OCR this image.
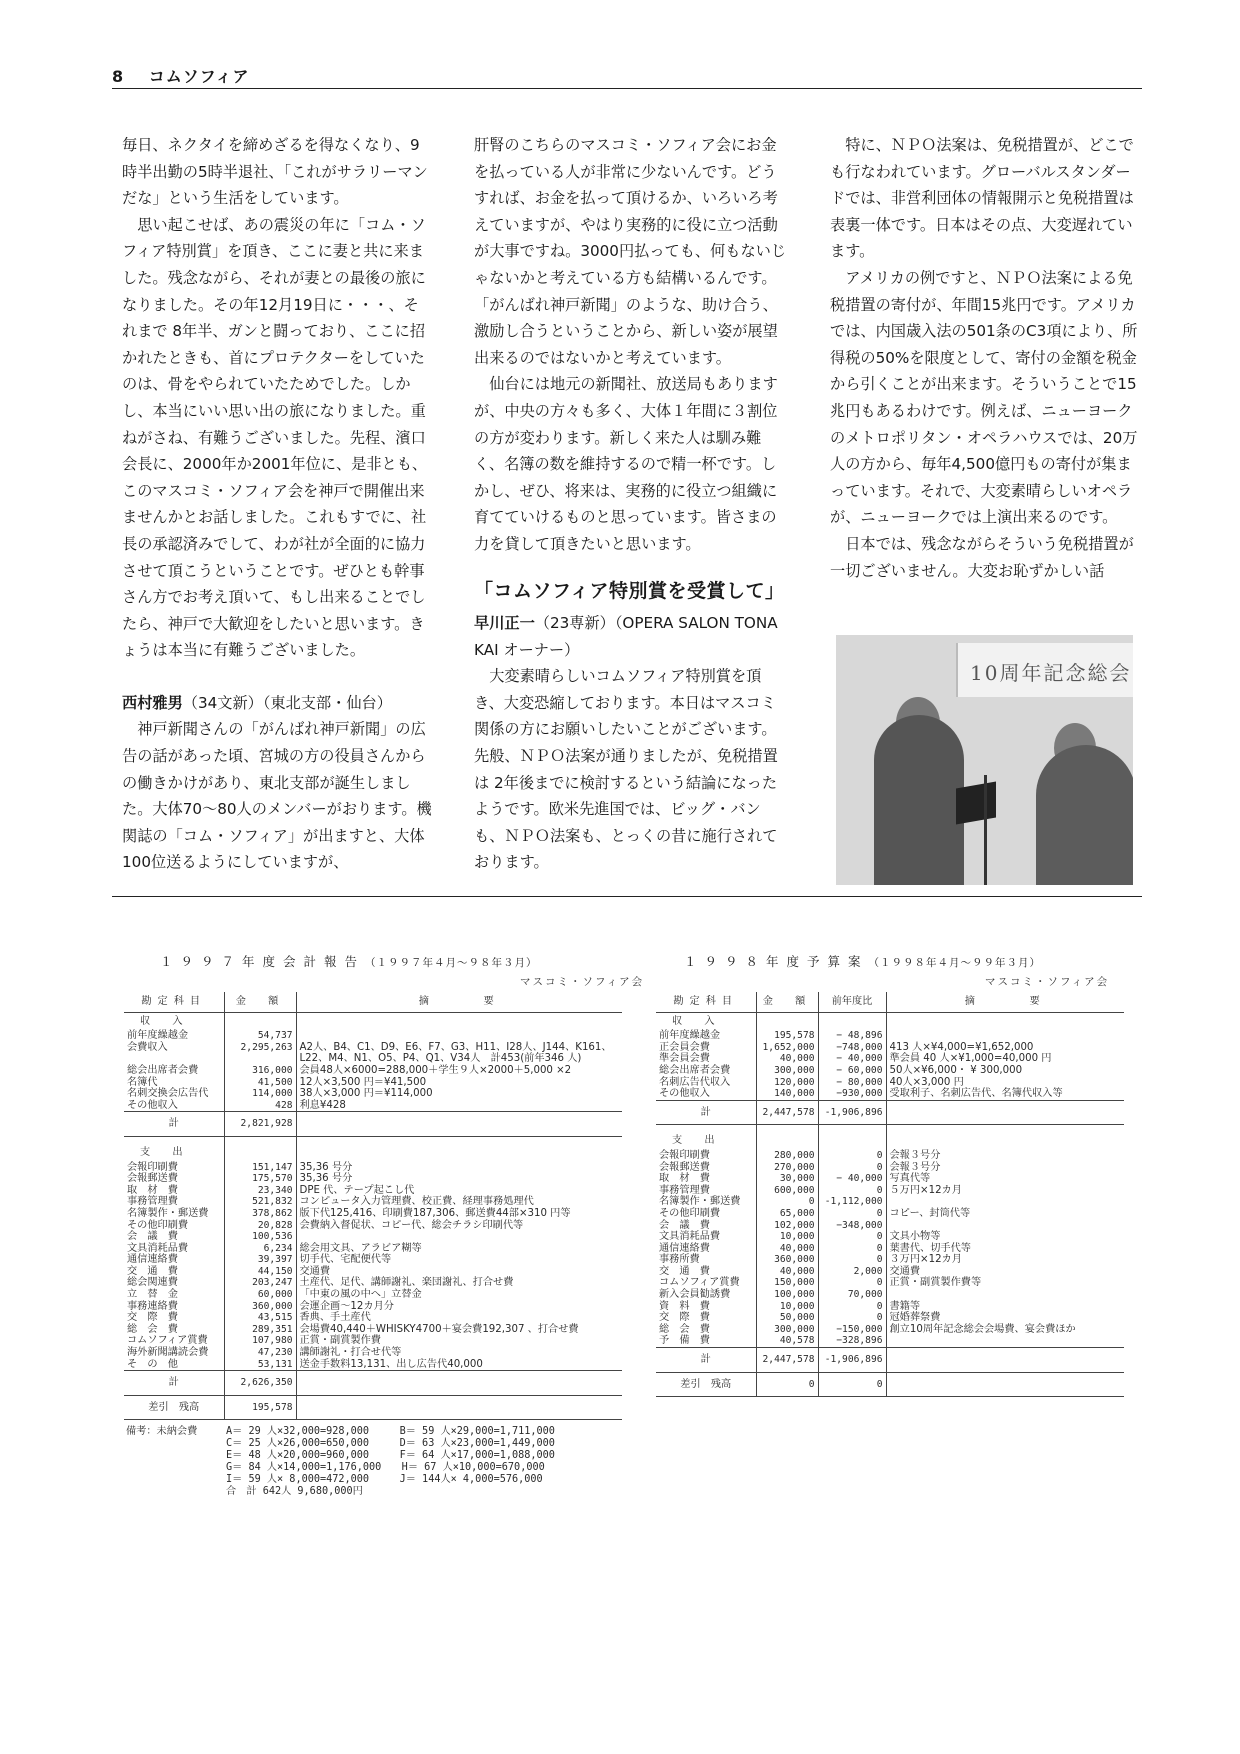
8 コムソフィア

毎日、ネクタイを締めざるを得なくなり、9時半出勤の5時半退社、「これがサラリーマンだな」という生活をしています。

思い起こせば、あの震災の年に「コム・ソフィア特別賞」を頂き、ここに妻と共に来ました。残念ながら、それが妻との最後の旅になりました。その年12月19日に・・・、それまで 8年半、ガンと闘っており、ここに招かれたときも、首にプロテクターをしていたのは、骨をやられていたためでした。しかし、本当にいい思い出の旅になりました。重ねがさね、有難うございました。先程、濱口会長に、2000年か2001年位に、是非とも、このマスコミ・ソフィア会を神戸で開催出来ませんかとお話しました。これもすでに、社長の承認済みでして、わが社が全面的に協力させて頂こうということです。ぜひとも幹事さん方でお考え頂いて、もし出来ることでしたら、神戸で大歓迎をしたいと思います。きょうは本当に有難うございました。

西村雅男（34文新）（東北支部・仙台）

神戸新聞さんの「がんばれ神戸新聞」の広告の話があった頃、宮城の方の役員さんからの働きかけがあり、東北支部が誕生しました。大体70〜80人のメンバーがおります。機関誌の「コム・ソフィア」が出ますと、大体100位送るようにしていますが、

肝腎のこちらのマスコミ・ソフィア会にお金を払っている人が非常に少ないんです。どうすれば、お金を払って頂けるか、いろいろ考えていますが、やはり実務的に役に立つ活動が大事ですね。3000円払っても、何もないじゃないかと考えている方も結構いるんです。「がんばれ神戸新聞」のような、助け合う、激励し合うということから、新しい姿が展望出来るのではないかと考えています。

仙台には地元の新聞社、放送局もありますが、中央の方々も多く、大体１年間に３割位の方が変わります。新しく来た人は馴み難く、名簿の数を維持するので精一杯です。しかし、ぜひ、将来は、実務的に役立つ組織に育てていけるものと思っています。皆さまの力を貸して頂きたいと思います。

「コムソフィア特別賞を受賞して」

早川正一（23専新）（OPERA SALON TONA KAI オーナー）

大変素晴らしいコムソフィア特別賞を頂き、大変恐縮しております。本日はマスコミ関係の方にお願いしたいことがございます。先般、ＮＰＯ法案が通りましたが、免税措置は 2年後までに検討するという結論になったようです。欧米先進国では、ビッグ・バンも、ＮＰＯ法案も、とっくの昔に施行されております。

特に、ＮＰＯ法案は、免税措置が、どこでも行なわれています。グローバルスタンダードでは、非営利団体の情報開示と免税措置は表裏一体です。日本はその点、大変遅れています。

アメリカの例ですと、ＮＰＯ法案による免税措置の寄付が、年間15兆円です。アメリカでは、内国歳入法の501条のC3項により、所得税の50%を限度として、寄付の金額を税金から引くことが出来ます。そういうことで15兆円もあるわけです。例えば、ニューヨークのメトロポリタン・オペラハウスでは、20万人の方から、毎年4,500億円もの寄付が集まっています。それで、大変素晴らしいオペラが、ニューヨークでは上演出来るのです。

日本では、残念ながらそういう免税措置が一切ございません。大変お恥ずかしい話

10周年記念総会
１９９７年度会計報告（１９９７年４月〜９８年３月）
マスコミ・ソフィア会
勘定科目	金　額	摘　　　要
収　入		
前年度繰越金	54,737	
会費収入	2,295,263	A2人、B4、C1、D9、E6、F7、G3、H11、I28人、J144、K161、
		L22、M4、N1、O5、P4、Q1、V34人　計453(前年346 人)
総会出席者会費	316,000	会員48人×6000=288,000＋学生９人×2000＋5,000 ×2
名簿代	41,500	12人×3,500 円＝¥41,500
名刺交換会広告代	114,000	38人×3,000 円＝¥114,000
その他収入	428	利息¥428
計	2,821,928	
支　出		
会報印刷費	151,147	35,36 号分
会報郵送費	175,570	35,36 号分
取　材　費	23,340	DPE 代、テープ起こし代
事務管理費	521,832	コンピュータ入力管理費、校正費、経理事務処理代
名簿製作・郵送費	378,862	版下代125,416、印刷費187,306、郵送費44部×310 円等
その他印刷費	20,828	会費納入督促状、コピー代、総会チラシ印刷代等
会　議　費	100,536	
文具消耗品費	6,234	総会用文具、アラビア糊等
通信連絡費	39,397	切手代、宅配便代等
交　通　費	44,150	交通費
総会関連費	203,247	土産代、足代、講師謝礼、楽団謝礼、打合せ費
立　替　金	60,000	「中東の風の中へ」立替金
事務連絡費	360,000	会運企画〜12カ月分
交　際　費	43,515	香典、手土産代
総　会　費	289,351	会場費40,440＋WHISKY4700＋宴会費192,307 、打合せ費
コムソフィア賞費	107,980	正賞・副賞製作費
海外新聞講読会費	47,230	講師謝礼・打合せ代等
そ　の　他	53,131	送金手数料13,131、出し広告代40,000
計	2,626,350	
差引　残高	195,578	
備考：未納会費	A＝ 29 人×32,000=928,000　　　B＝ 59 人×29,000=1,711,000
C＝ 25 人×26,000=650,000　　　D＝ 63 人×23,000=1,449,000
E＝ 48 人×20,000=960,000　　　F＝ 64 人×17,000=1,088,000
G＝ 84 人×14,000=1,176,000　　H＝ 67 人×10,000=670,000
I＝ 59 人× 8,000=472,000　　　J＝ 144人× 4,000=576,000
合　計 642人 9,680,000円
１９９８年度予算案（１９９８年４月〜９９年３月）
マスコミ・ソフィア会
勘定科目	金　額	前年度比	摘　　　要
収　入			
前年度繰越金	195,578	− 48,896	
正会員会費	1,652,000	−748,000	413 人×¥4,000=¥1,652,000
準会員会費	40,000	− 40,000	準会員 40 人×¥1,000=40,000 円
総会出席者会費	300,000	− 60,000	50人×¥6,000・ ¥ 300,000
名刺広告代収入	120,000	− 80,000	40人×3,000 円
その他収入	140,000	−930,000	受取利子、名刺広告代、名簿代収入等
計	2,447,578	-1,906,896	
支　出			
会報印刷費	280,000	0	会報３号分
会報郵送費	270,000	0	会報３号分
取　材　費	30,000	− 40,000	写真代等
事務管理費	600,000	0	５万円×12カ月
名簿製作・郵送費	0	-1,112,000	
その他印刷費	65,000	0	コピー、封筒代等
会　議　費	102,000	−348,000	
文具消耗品費	10,000	0	文具小物等
通信連絡費	40,000	0	葉書代、切手代等
事務所費	360,000	0	３万円×12カ月
交　通　費	40,000	2,000	交通費
コムソフィア賞費	150,000	0	正賞・副賞製作費等
新入会員勧誘費	100,000	70,000	
資　料　費	10,000	0	書籍等
交　際　費	50,000	0	冠婚葬祭費
総　会　費	300,000	−150,000	創立10周年記念総会会場費、宴会費ほか
予　備　費	40,578	−328,896	
計	2,447,578	-1,906,896	
差引　残高	0	0	
